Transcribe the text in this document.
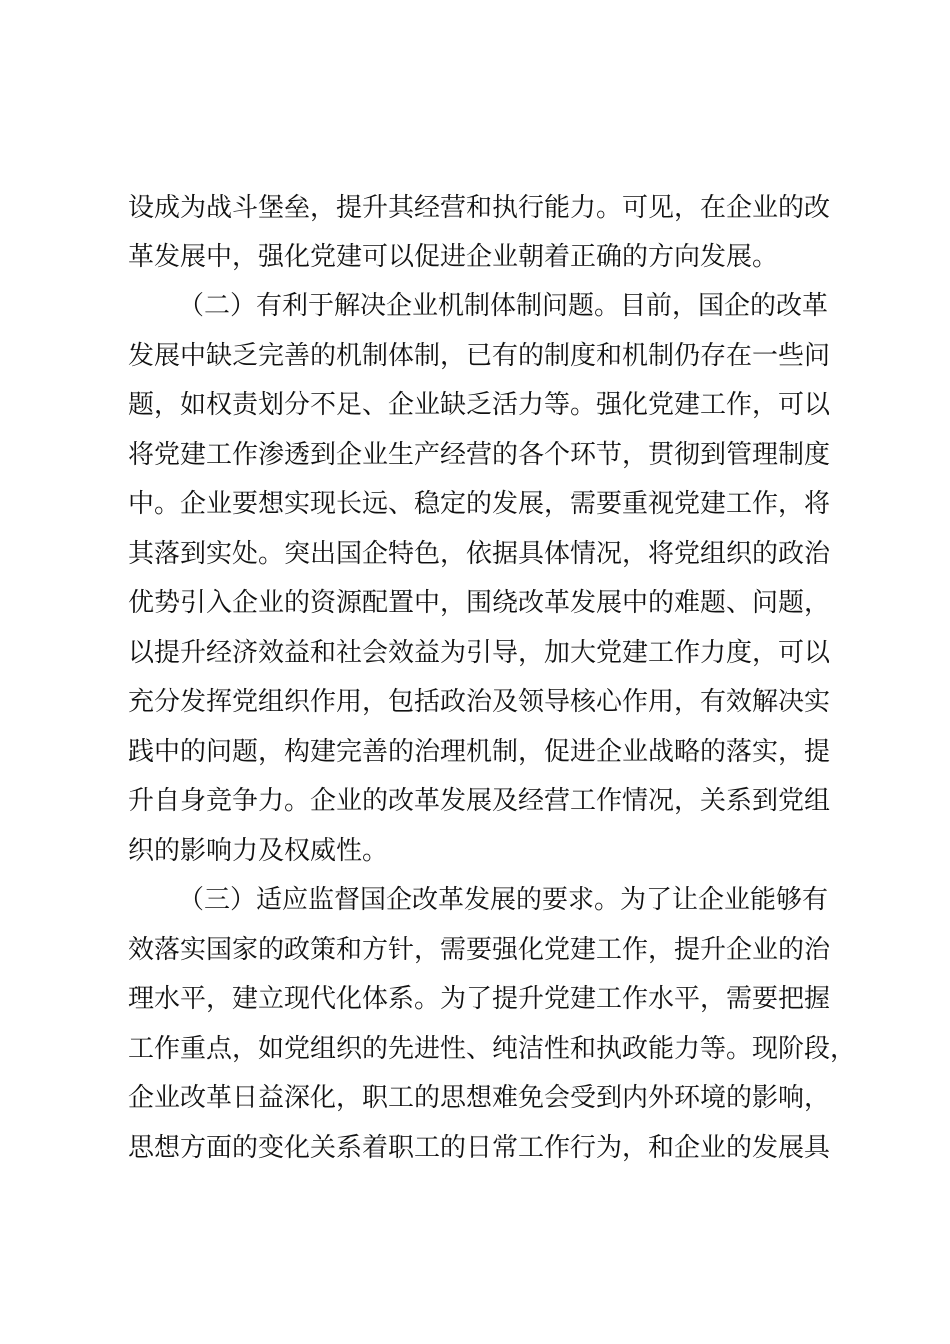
设成为战斗堡垒，提升其经营和执行能力。可见，在企业的改
革发展中，强化党建可以促进企业朝着正确的方向发展。
（二）有利于解决企业机制体制问题。目前，国企的改革
发展中缺乏完善的机制体制，已有的制度和机制仍存在一些问
题，如权责划分不足、企业缺乏活力等。强化党建工作，可以
将党建工作渗透到企业生产经营的各个环节，贯彻到管理制度
中。企业要想实现长远、稳定的发展，需要重视党建工作，将
其落到实处。突出国企特色，依据具体情况，将党组织的政治
优势引入企业的资源配置中，围绕改革发展中的难题、问题，
以提升经济效益和社会效益为引导，加大党建工作力度，可以
充分发挥党组织作用，包括政治及领导核心作用，有效解决实
践中的问题，构建完善的治理机制，促进企业战略的落实，提
升自身竞争力。企业的改革发展及经营工作情况，关系到党组
织的影响力及权威性。
（三）适应监督国企改革发展的要求。为了让企业能够有
效落实国家的政策和方针，需要强化党建工作，提升企业的治
理水平，建立现代化体系。为了提升党建工作水平，需要把握
工作重点，如党组织的先进性、纯洁性和执政能力等。现阶段，
企业改革日益深化，职工的思想难免会受到内外环境的影响，
思想方面的变化关系着职工的日常工作行为，和企业的发展具
